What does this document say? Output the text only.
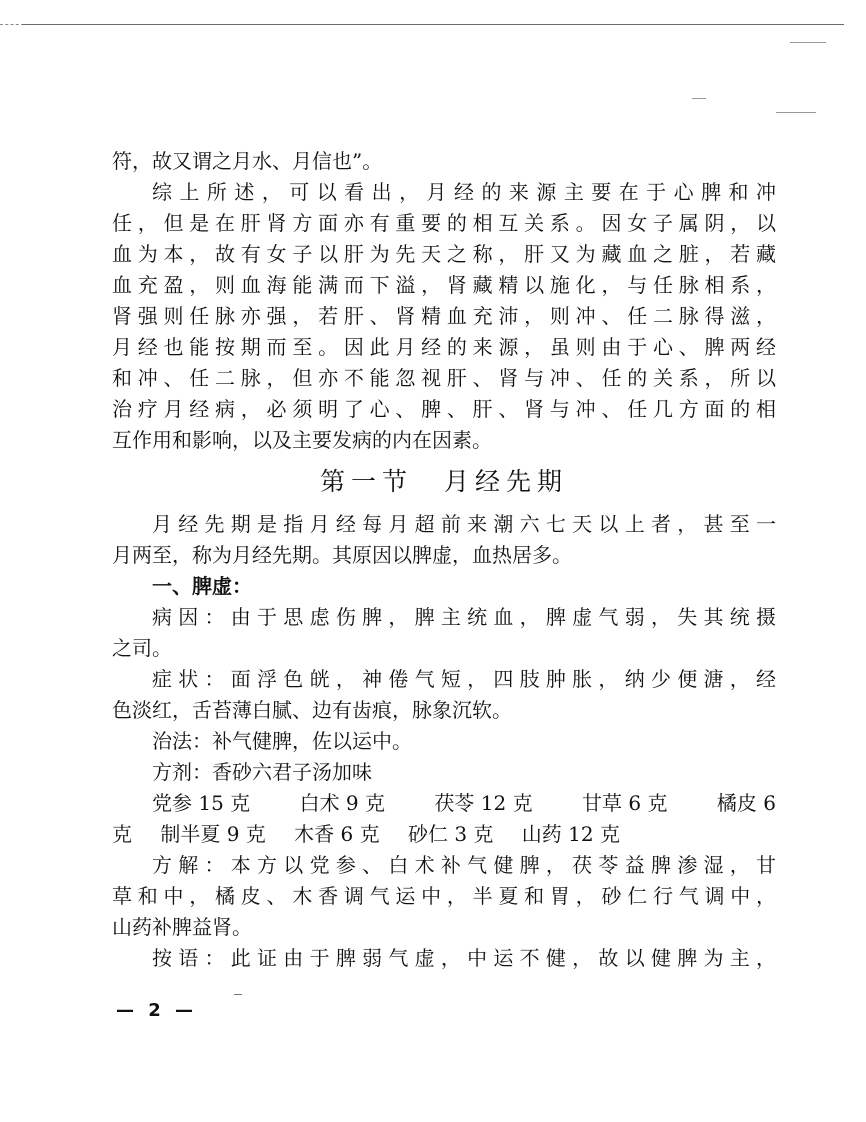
符，故又谓之月水、月信也”。
综上所述，可以看出，月经的来源主要在于心脾和冲
任，但是在肝肾方面亦有重要的相互关系。因女子属阴，以
血为本，故有女子以肝为先天之称，肝又为藏血之脏，若藏
血充盈，则血海能满而下溢，肾藏精以施化，与任脉相系，
肾强则任脉亦强，若肝、肾精血充沛，则冲、任二脉得滋，
月经也能按期而至。因此月经的来源，虽则由于心、脾两经
和冲、任二脉，但亦不能忽视肝、肾与冲、任的关系，所以
治疗月经病，必须明了心、脾、肝、肾与冲、任几方面的相
互作用和影响，以及主要发病的内在因素。
第一节　月经先期
月经先期是指月经每月超前来潮六七天以上者，甚至一
月两至，称为月经先期。其原因以脾虚，血热居多。
一、脾虚：
病因：由于思虑伤脾，脾主统血，脾虚气弱，失其统摄
之司。
症状：面浮色㿠，神倦气短，四肢肿胀，纳少便溏，经
色淡红，舌苔薄白腻、边有齿痕，脉象沉软。
治法：补气健脾，佐以运中。
方剂：香砂六君子汤加味
党参 15 克 白术 9 克 茯苓 12 克 甘草 6 克 橘皮 6
克 制半夏 9 克 木香 6 克 砂仁 3 克 山药 12 克
方解：本方以党参、白术补气健脾，茯苓益脾渗湿，甘
草和中，橘皮、木香调气运中，半夏和胃，砂仁行气调中，
山药补脾益肾。
按语：此证由于脾弱气虚，中运不健，故以健脾为主，
— 2 —
